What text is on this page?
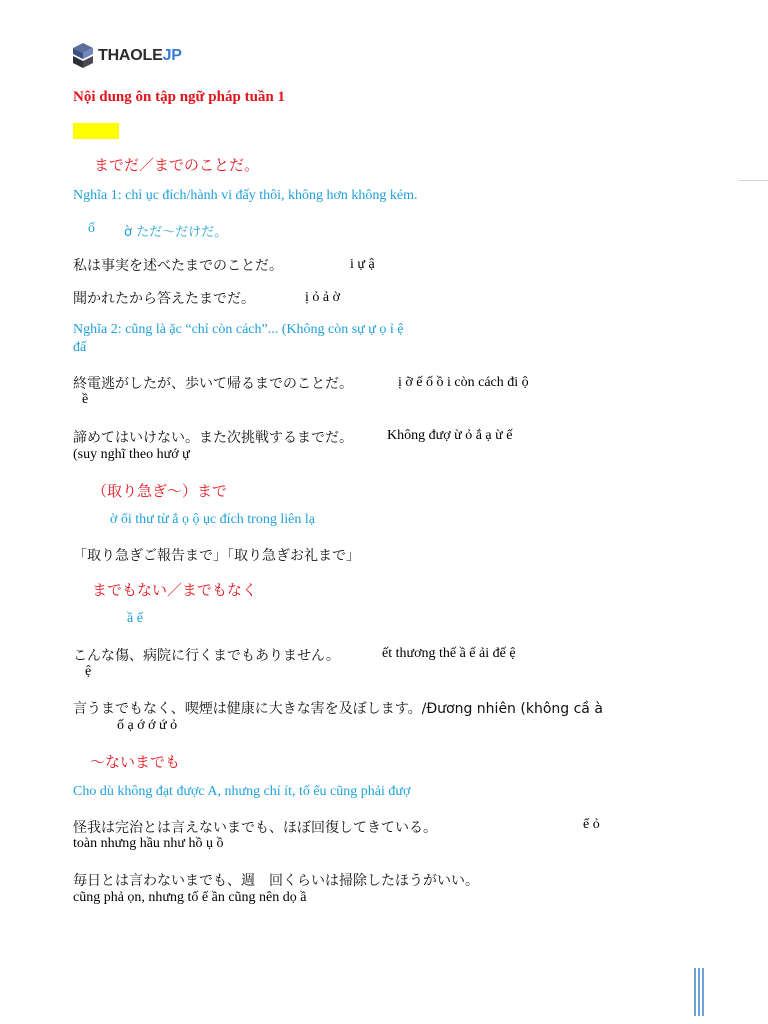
THAOLEJP
Nội dung ôn tập ngữ pháp tuần 1
までだ／までのことだ。
Nghĩa 1: chỉ ục đích/hành vi đấy thôi, không hơn không kém.
ố ờ ただ～だけだ。
私は事実を述べたまでのことだ。	i ự ậ
聞かれたから答えたまでだ。	ị ỏ ả ờ
Nghĩa 2: cũng là ặc “chỉ còn cách”... (Không còn sự ự ọ ỉ ệ
đấ
終電逃がしたが、歩いて帰るまでのことだ。	ị ỡ ế ố ồ i còn cách đi ộ
ề
諦めてはいけない。また次挑戦するまでだ。 Không đượ ừ ỏ ắ ạ ừ ế
(suy nghĩ theo hướ ự
（取り急ぎ～）まで
ờ ổi thư từ ắ ọ ộ ục đích trong liên lạ
「取り急ぎご報告まで」「取り急ぎお礼まで」
までもない／までもなく
ầ ế
こんな傷、病院に行くまでもありません。	ết thương thế ầ ế ải đế ệ
ệ
言うまでもなく、喫煙は健康に大きな害を及ぼします。/Đương nhiên (không cầ à
ố ạ ớ ớ ứ ỏ
～ないまでも
Cho dù không đạt được A, nhưng chí ít, tố ểu cũng phải đượ
怪我は完治とは言えないまでも、ほぼ回復してきている。	ể ỏ
toàn nhưng hầu như hồ ụ ồ
毎日とは言わないまでも、週　回くらいは掃除したほうがいい。
cũng phả ọn, nhưng tố ế ần cũng nên dọ ầ
